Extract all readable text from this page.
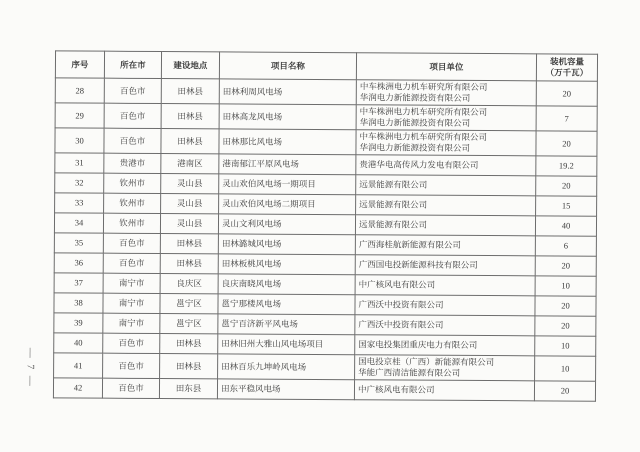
— 7 —
序号	所在市	建设地点	项目名称	项目单位	装机容量
（万千瓦）
28	百色市	田林县	田林利周风电场	中车株洲电力机车研究所有限公司
华润电力新能源投资有限公司	20
29	百色市	田林县	田林高龙风电场	中车株洲电力机车研究所有限公司
华润电力新能源投资有限公司	7
30	百色市	田林县	田林那比风电场	中车株洲电力机车研究所有限公司
华润电力新能源投资有限公司	20
31	贵港市	港南区	港南郁江平原风电场	贵港华电高传风力发电有限公司	19.2
32	钦州市	灵山县	灵山欢伯风电场一期项目	远景能源有限公司	20
33	钦州市	灵山县	灵山欢伯风电场二期项目	远景能源有限公司	15
34	钦州市	灵山县	灵山文利风电场	远景能源有限公司	40
35	百色市	田林县	田林潞城风电场	广西海桂航新能源有限公司	6
36	百色市	田林县	田林板桃风电场	广西国电投新能源科技有限公司	20
37	南宁市	良庆区	良庆南晓风电场	中广核风电有限公司	10
38	南宁市	邕宁区	邕宁那楼风电场	广西沃中投资有限公司	20
39	南宁市	邕宁区	邕宁百济新平风电场	广西沃中投资有限公司	20
40	百色市	田林县	田林旧州大雅山风电场项目	国家电投集团重庆电力有限公司	10
41	百色市	田林县	田林百乐九坤岭风电场	国电投京桂（广西）新能源有限公司
华能广西清洁能源有限公司	10
42	百色市	田东县	田东平稳风电场	中广核风电有限公司	20
